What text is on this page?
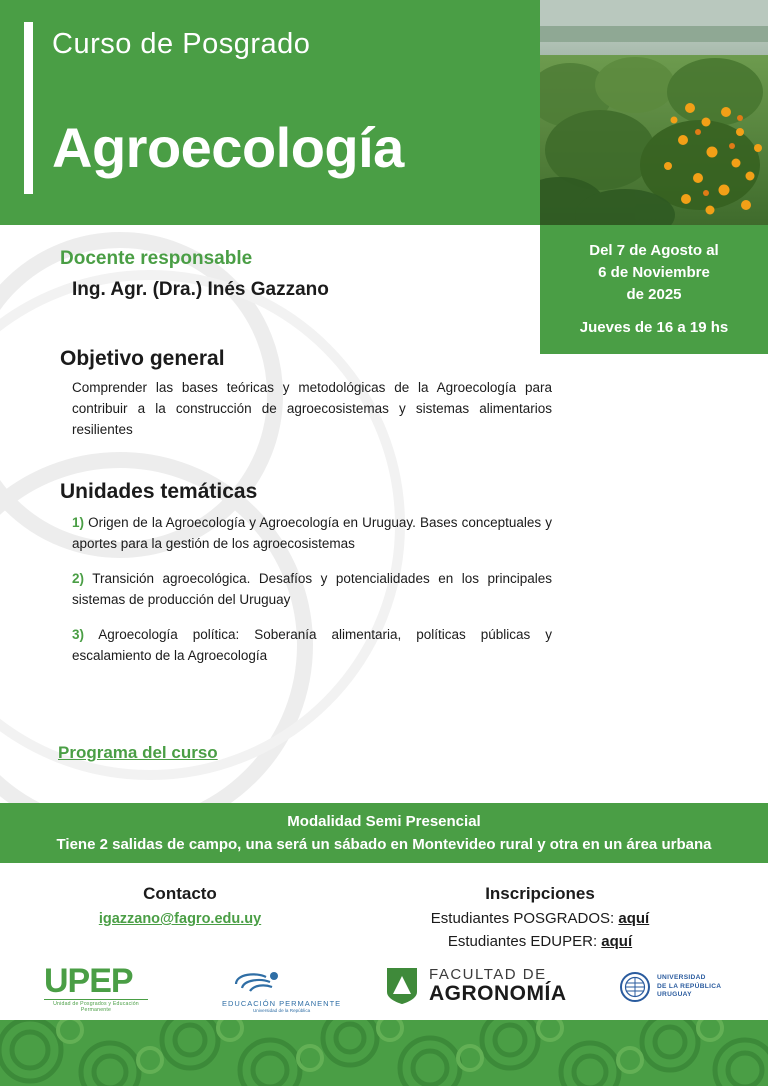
Curso de Posgrado
Agroecología
Del 7 de Agosto al
6 de Noviembre
de 2025
Jueves de 16 a 19 hs
Docente responsable
Ing. Agr. (Dra.) Inés Gazzano
Objetivo general
Comprender las bases teóricas y metodológicas de la Agroecología para contribuir a la construcción de agroecosistemas y sistemas alimentarios resilientes
Unidades temáticas
1) Origen de la Agroecología y Agroecología en Uruguay. Bases conceptuales y aportes para la gestión de los agroecosistemas
2) Transición agroecológica. Desafíos y potencialidades en los principales sistemas de producción del Uruguay
3) Agroecología política: Soberanía alimentaria, políticas públicas y escalamiento de la Agroecología
Programa del curso
Modalidad Semi Presencial
Tiene 2 salidas de campo, una será un sábado en Montevideo rural y otra en un área urbana
Contacto
igazzano@fagro.edu.uy
Inscripciones
Estudiantes POSGRADOS: aquí
Estudiantes EDUPER: aquí
UPEP
Unidad de Posgrados y Educación Permanente
EDUCACIÓN PERMANENTE
Universidad de la República
FACULTAD DE
AGRONOMÍA
UNIVERSIDAD
DE LA REPÚBLICA
URUGUAY
